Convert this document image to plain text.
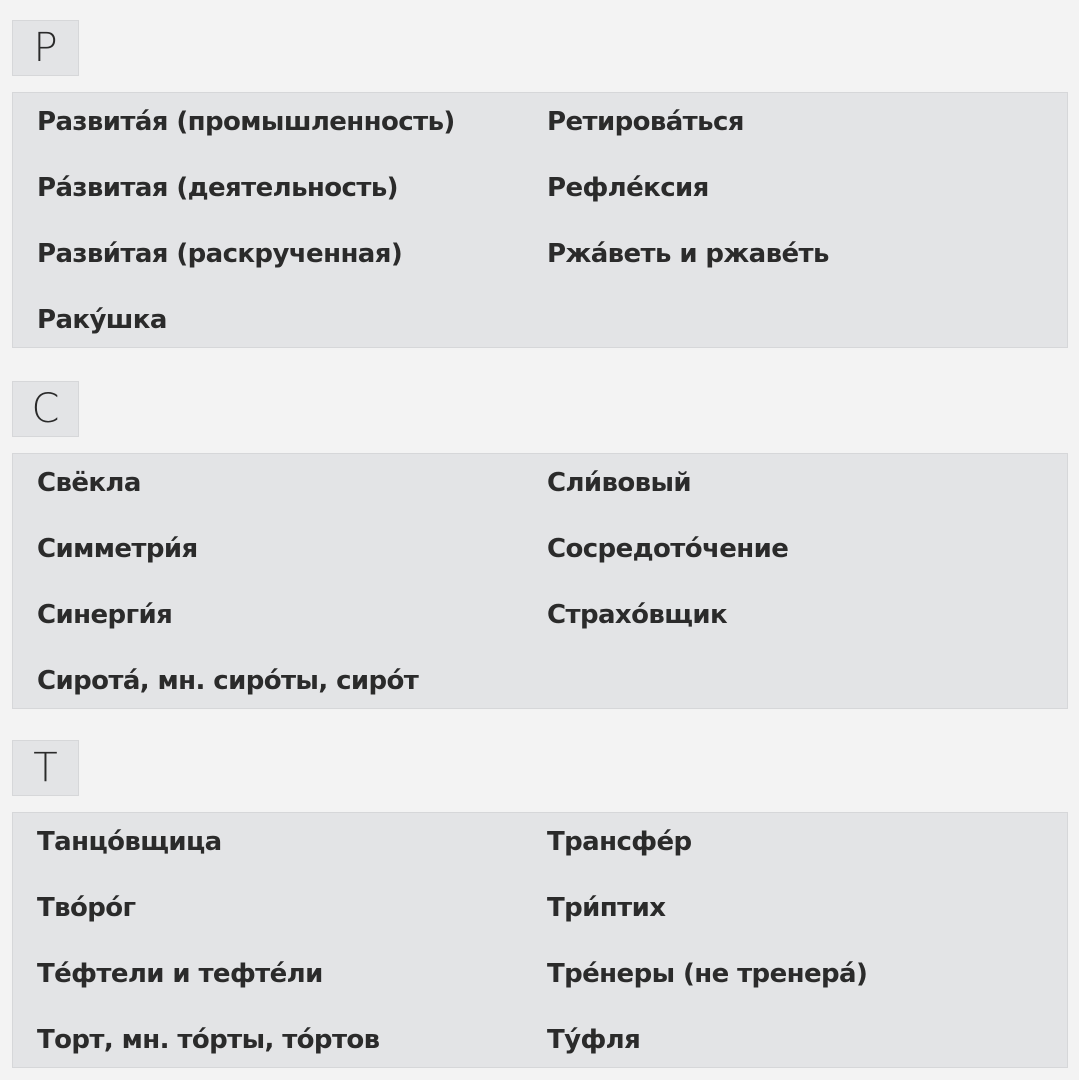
Р
Развита́я (промышленность)
Ра́звитая (деятельность)
Разви́тая (раскрученная)
Раку́шка
Ретирова́ться
Рефле́ксия
Ржа́веть и ржаве́ть
С
Свёкла
Симметри́я
Синерги́я
Сирота́, мн. сиро́ты, сиро́т
Сли́вовый
Сосредото́чение
Страхо́вщик
Т
Танцо́вщица
Тво́ро́г
Те́фтели и тефте́ли
Торт, мн. то́рты, то́ртов
Трансфе́р
Три́птих
Тре́неры (не тренера́)
Ту́фля
